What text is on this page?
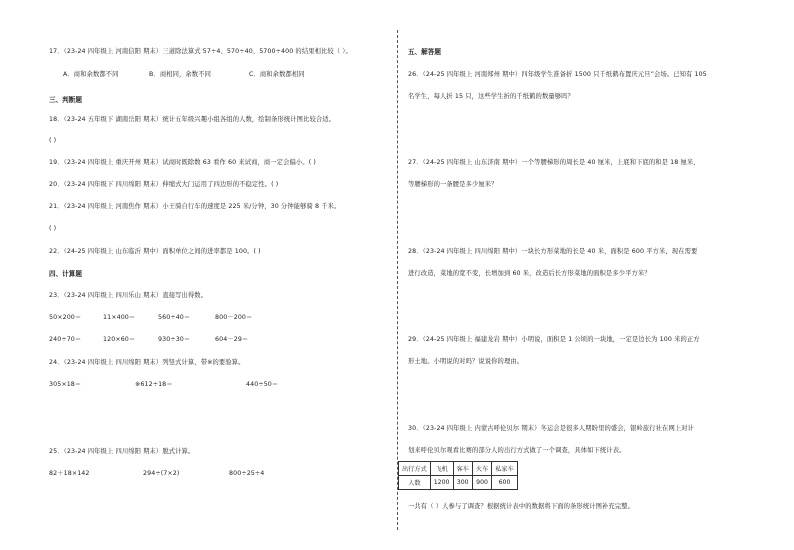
17．（23-24 四年级上 河南信阳 期末）三道除法算式 57÷4、570÷40、5700÷400 的结果相比较（ ）。
A．商和余数都不同	B．商相同，余数不同	C．商和余数都相同
三、判断题
18．（23-24 五年级下 湖南岳阳 期末）统计五年级兴趣小组各组的人数，绘制条形统计图比较合适。
( )
19．（23-24 四年级上 重庆开州 期末）试商时既除数 63 看作 60 来试商，商一定会偏小。( )
20．（23-24 四年级下 四川绵阳 期末）伸缩式大门运用了四边形的不稳定性。( )
21．（23-24 四年级上 河南焦作 期末）小王骑自行车的速度是 225 米/分钟，30 分钟能够骑 8 千米。
( )
22．（24-25 四年级上 山东临沂 期中）面积单位之间的进率都是 100。( )
四、计算题
23．（23-24 四年级上 四川乐山 期末）直接写出得数。
50×200＝	11×400＝	560÷40＝	800－200＝
240÷70＝	120×60＝	930÷30＝	604－29＝
24．（23-24 四年级上 四川绵阳 期末）列竖式计算，带※的要验算。
305×18＝	※612÷18＝	440÷50＝
25．（23-24 四年级上 四川绵阳 期末）脱式计算。
82＋18×142	294÷(7×2)	800÷25÷4
五、解答题
26．（24-25 四年级上 河南郑州 期中）四年级学生准备折 1500 只千纸鹤布置庆元旦”会场。已知有 105
名学生，每人折 15 只，这些学生折的千纸鹤的数量够吗？
27．（24-25 四年级上 山东济南 期中）一个等腰梯形的周长是 40 厘米，上底和下底的和是 18 厘米，
等腰梯形的一条腰是多少厘米？
28．（23-24 四年级上 四川绵阳 期中）一块长方形菜地的长是 40 米，面积是 600 平方米，现在需要
进行改造，菜地的宽不变，长增加到 60 米，改造后长方形菜地的面积是多少平方米？
29．（24-25 四年级上 福建龙岩 期中）小明说，面积是 1 公顷的一块地，一定是边长为 100 米的正方
形土地。小明说的对吗？说说你的理由。
30．（23-24 四年级上 内蒙古呼伦贝尔 期末）冬运会是很多人期盼里的盛会，银岭旅行社在网上对计
划来呼伦贝尔观看比赛的部分人的出行方式做了一个调查，具体如下统计表。
出行方式	飞机	客车	火车	私家车
人数	1200	300	900	600
一共有（ ）人参与了调查？根据统计表中的数据将下面的条形统计图补充完整。
